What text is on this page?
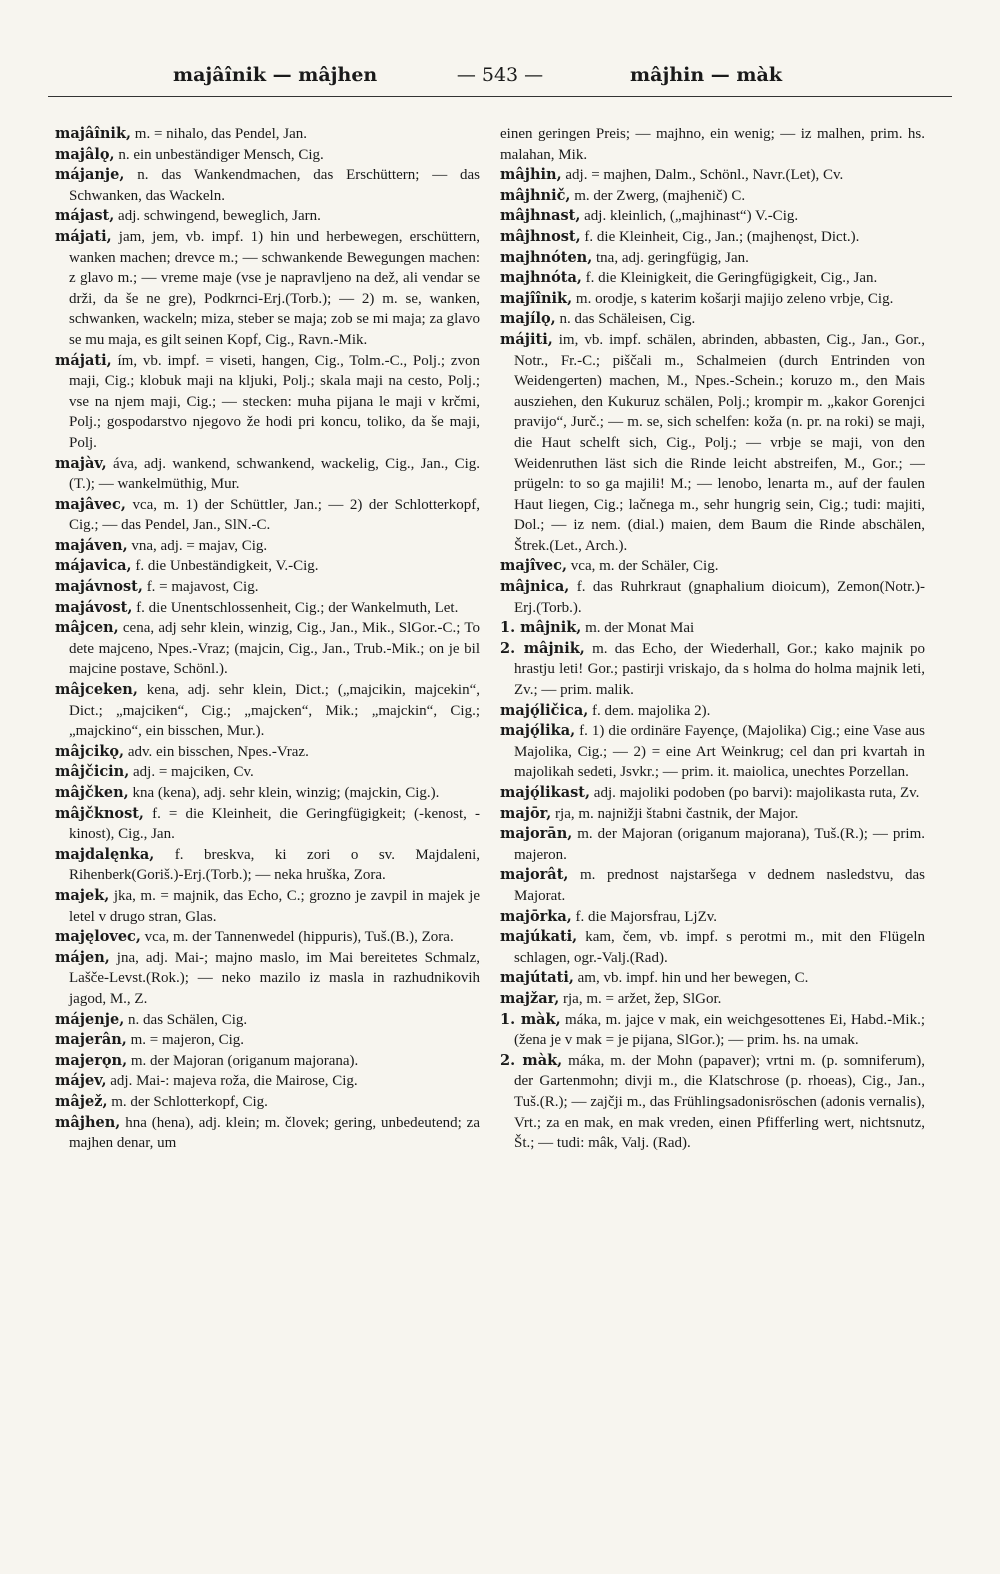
majâînik — mâjhen	— 543 —	mâjhin — màk

majâînik, m. = nihalo, das Pendel, Jan.

majâlǫ, n. ein unbeständiger Mensch, Cig.

májanje, n. das Wankendmachen, das Erschüttern; — das Schwanken, das Wackeln.

májast, adj. schwingend, beweglich, Jarn.

májati, jam, jem, vb. impf. 1) hin und herbewegen, erschüttern, wanken machen; drevce m.; — schwankende Bewegungen machen: z glavo m.; — vreme maje (vse je napravljeno na dež, ali vendar se drži, da še ne gre), Podkrnci-Erj.(Torb.); — 2) m. se, wanken, schwanken, wackeln; miza, steber se maja; zob se mi maja; za glavo se mu maja, es gilt seinen Kopf, Cig., Ravn.-Mik.

májati, ím, vb. impf. = viseti, hangen, Cig., Tolm.-C., Polj.; zvon maji, Cig.; klobuk maji na kljuki, Polj.; skala maji na cesto, Polj.; vse na njem maji, Cig.; — stecken: muha pijana le maji v krčmi, Polj.; gospodarstvo njegovo že hodi pri koncu, toliko, da še maji, Polj.

majàv, áva, adj. wankend, schwankend, wackelig, Cig., Jan., Cig.(T.); — wankelmüthig, Mur.

majâvec, vca, m. 1) der Schüttler, Jan.; — 2) der Schlotterkopf, Cig.; — das Pendel, Jan., SlN.-C.

majáven, vna, adj. = majav, Cig.

májavica, f. die Unbeständigkeit, V.-Cig.

majávnost, f. = majavost, Cig.

majávost, f. die Unentschlossenheit, Cig.; der Wankelmuth, Let.

mâjcen, cena, adj sehr klein, winzig, Cig., Jan., Mik., SlGor.-C.; To dete majceno, Npes.-Vraz; (majcin, Cig., Jan., Trub.-Mik.; on je bil majcine postave, Schönl.).

mâjceken, kena, adj. sehr klein, Dict.; („majcikin, majcekin“, Dict.; „majciken“, Cig.; „majcken“, Mik.; „majckin“, Cig.; „majckino“, ein bisschen, Mur.).

mâjcikǫ, adv. ein bisschen, Npes.-Vraz.

mâjčicin, adj. = majciken, Cv.

mâjčken, kna (kena), adj. sehr klein, winzig; (majckin, Cig.).

mâjčknost, f. = die Kleinheit, die Geringfügigkeit; (-kenost, -kinost), Cig., Jan.

majdalęnka, f. breskva, ki zori o sv. Majdaleni, Rihenberk(Goriš.)-Erj.(Torb.); — neka hruška, Zora.

majek, jka, m. = majnik, das Echo, C.; grozno je zavpil in majek je letel v drugo stran, Glas.

majęlovec, vca, m. der Tannenwedel (hippuris), Tuš.(B.), Zora.

májen, jna, adj. Mai-; majno maslo, im Mai bereitetes Schmalz, Lašče-Levst.(Rok.); — neko mazilo iz masla in razhudnikovih jagod, M., Z.

májenje, n. das Schälen, Cig.

majerân, m. = majeron, Cig.

majerǫn, m. der Majoran (origanum majorana).

májev, adj. Mai-: majeva roža, die Mairose, Cig.

mâjež, m. der Schlotterkopf, Cig.

mâjhen, hna (hena), adj. klein; m. človek; gering, unbedeutend; za majhen denar, um

einen geringen Preis; — majhno, ein wenig; — iz malhen, prim. hs. malahan, Mik.

mâjhin, adj. = majhen, Dalm., Schönl., Navr.(Let), Cv.

mâjhnič, m. der Zwerg, (majhenič) C.

mâjhnast, adj. kleinlich, („majhinast“) V.-Cig.

mâjhnost, f. die Kleinheit, Cig., Jan.; (majhenǫst, Dict.).

majhnóten, tna, adj. geringfügig, Jan.

majhnóta, f. die Kleinigkeit, die Geringfügigkeit, Cig., Jan.

majîînik, m. orodje, s katerim košarji majijo zeleno vrbje, Cig.

majílǫ, n. das Schäleisen, Cig.

májiti, im, vb. impf. schälen, abrinden, abbasten, Cig., Jan., Gor., Notr., Fr.-C.; piščali m., Schalmeien (durch Entrinden von Weidengerten) machen, M., Npes.-Schein.; koruzo m., den Mais ausziehen, den Kukuruz schälen, Polj.; krompir m. „kakor Gorenjci pravijo“, Jurč.; — m. se, sich schelfen: koža (n. pr. na roki) se maji, die Haut schelft sich, Cig., Polj.; — vrbje se maji, von den Weidenruthen läst sich die Rinde leicht abstreifen, M., Gor.; — prügeln: to so ga majili! M.; — lenobo, lenarta m., auf der faulen Haut liegen, Cig.; lačnega m., sehr hungrig sein, Cig.; tudi: majiti, Dol.; — iz nem. (dial.) maien, dem Baum die Rinde abschälen, Štrek.(Let., Arch.).

majîvec, vca, m. der Schäler, Cig.

mâjnica, f. das Ruhrkraut (gnaphalium dioicum), Zemon(Notr.)-Erj.(Torb.).

1. mâjnik, m. der Monat Mai

2. mâjnik, m. das Echo, der Wiederhall, Gor.; kako majnik po hrastju leti! Gor.; pastirji vriskajo, da s holma do holma majnik leti, Zv.; — prim. malik.

majǫ́ličica, f. dem. majolika 2).

majǫ́lika, f. 1) die ordinäre Fayençe, (Majolika) Cig.; eine Vase aus Majolika, Cig.; — 2) = eine Art Weinkrug; cel dan pri kvartah in majolikah sedeti, Jsvkr.; — prim. it. maiolica, unechtes Porzellan.

majǫ́likast, adj. majoliki podoben (po barvi): majolikasta ruta, Zv.

majōr, rja, m. najnižji štabni častnik, der Major.

majorān, m. der Majoran (origanum majorana), Tuš.(R.); — prim. majeron.

majorât, m. prednost najstaršega v dednem nasledstvu, das Majorat.

majōrka, f. die Majorsfrau, LjZv.

majúkati, kam, čem, vb. impf. s perotmi m., mit den Flügeln schlagen, ogr.-Valj.(Rad).

majútati, am, vb. impf. hin und her bewegen, C.

majžar, rja, m. = aržet, žep, SlGor.

1. màk, máka, m. jajce v mak, ein weichgesottenes Ei, Habd.-Mik.; (žena je v mak = je pijana, SlGor.); — prim. hs. na umak.

2. màk, máka, m. der Mohn (papaver); vrtni m. (p. somniferum), der Gartenmohn; divji m., die Klatschrose (p. rhoeas), Cig., Jan., Tuš.(R.); — zajčji m., das Frühlingsadonisröschen (adonis vernalis), Vrt.; za en mak, en mak vreden, einen Pfifferling wert, nichtsnutz, Št.; — tudi: mâk, Valj. (Rad).
